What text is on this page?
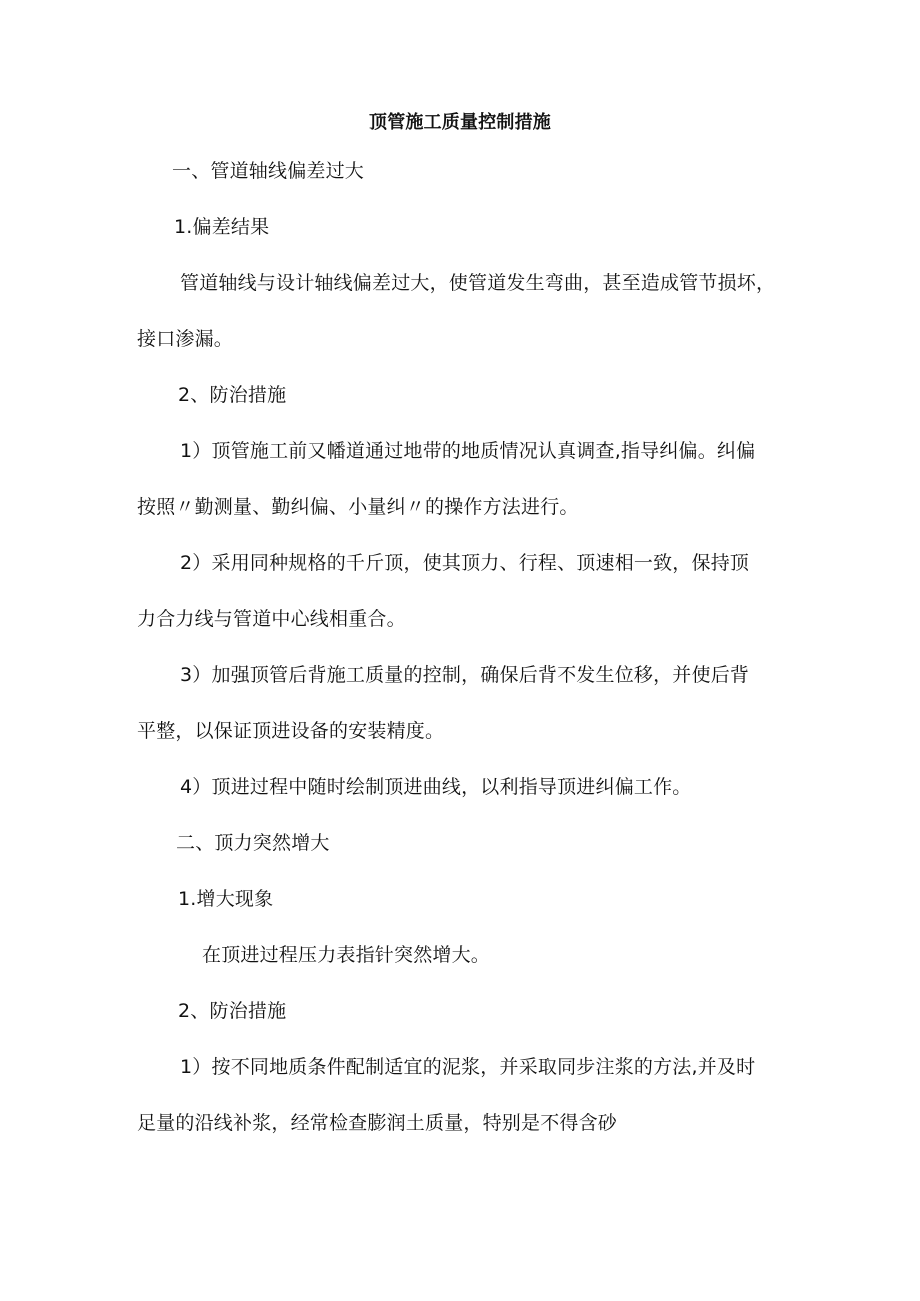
顶管施工质量控制措施
一、管道轴线偏差过大
1.偏差结果
管道轴线与设计轴线偏差过大，使管道发生弯曲，甚至造成管节损坏，
接口渗漏。
2、防治措施
1）顶管施工前又幡道通过地带的地质情况认真调查,指导纠偏。纠偏
按照〃勤测量、勤纠偏、小量纠〃的操作方法进行。
2）采用同种规格的千斤顶，使其顶力、行程、顶速相一致，保持顶
力合力线与管道中心线相重合。
3）加强顶管后背施工质量的控制，确保后背不发生位移，并使后背
平整，以保证顶进设备的安装精度。
4）顶进过程中随时绘制顶进曲线，以利指导顶进纠偏工作。
二、顶力突然增大
1.增大现象
在顶进过程压力表指针突然增大。
2、防治措施
1）按不同地质条件配制适宜的泥浆，并采取同步注浆的方法,并及时
足量的沿线补浆，经常检查膨润土质量，特别是不得含砂
